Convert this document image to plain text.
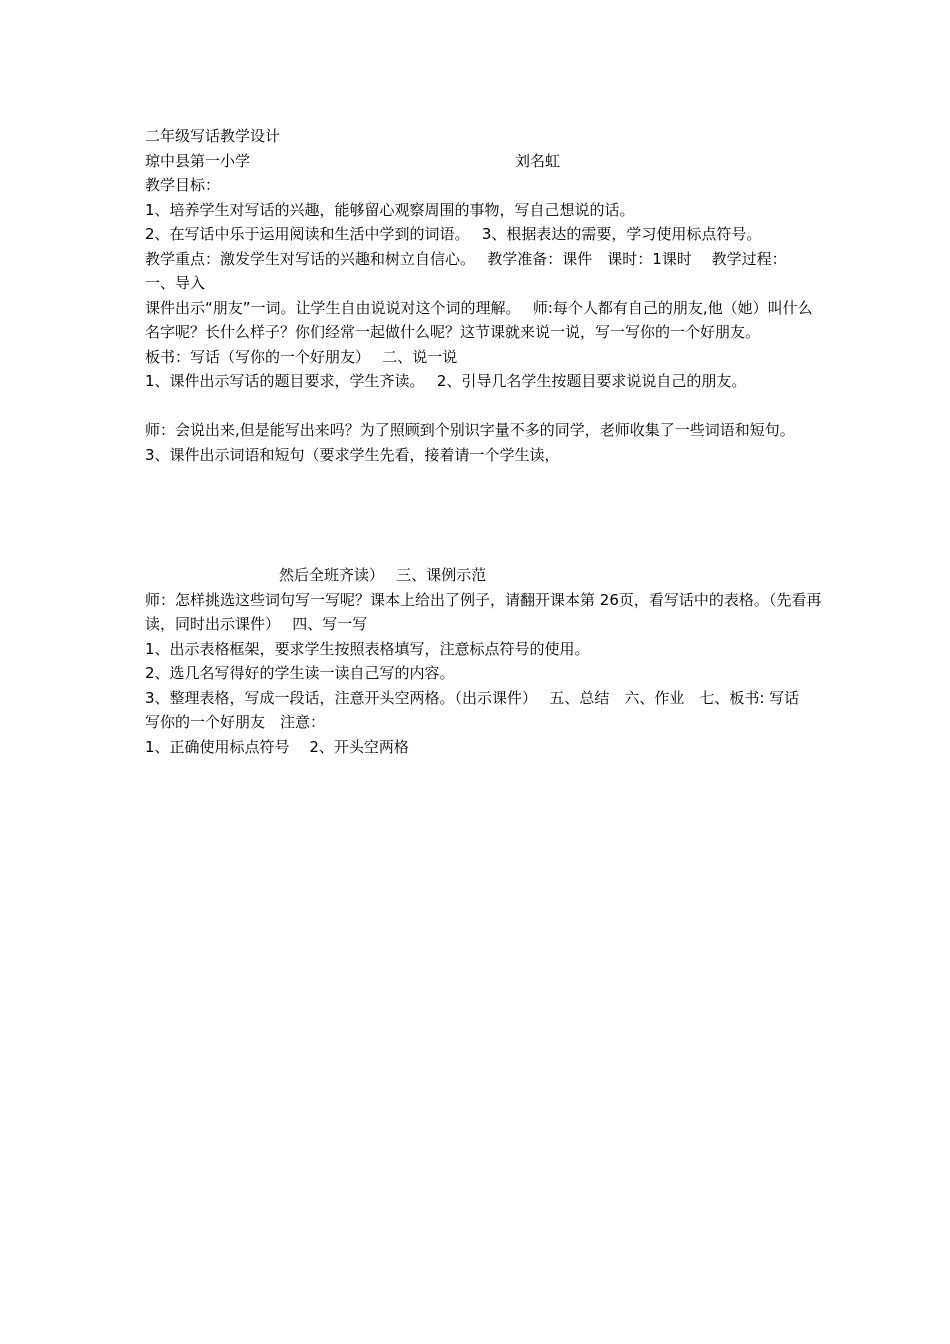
二年级写话教学设计

琼中县第一小学	刘名虹

教学目标：

1、培养学生对写话的兴趣，能够留心观察周围的事物，写自己想说的话。

2、在写话中乐于运用阅读和生活中学到的词语。　 3、根据表达的需要，学习使用标点符号。

教学重点：激发学生对写话的兴趣和树立自信心。　 教学准备：课件　课时：1课时　 教学过程：

一、导入

课件出示“朋友”一词。让学生自由说说对这个词的理解。　 师:每个人都有自己的朋友,他（她）叫什么名字呢？长什么样子？你们经常一起做什么呢？这节课就来说一说，写一写你的一个好朋友。

板书：写话（写你的一个好朋友）　 二、说一说

1、课件出示写话的题目要求，学生齐读。　 2、引导几名学生按题目要求说说自己的朋友。

师：会说出来,但是能写出来吗？为了照顾到个别识字量不多的同学，老师收集了一些词语和短句。

3、课件出示词语和短句（要求学生先看，接着请一个学生读，

然后全班齐读）　 三、课例示范

师：怎样挑选这些词句写一写呢？课本上给出了例子，请翻开课本第 26页，看写话中的表格。（先看再读，同时出示课件）　 四、写一写

1、出示表格框架，要求学生按照表格填写，注意标点符号的使用。

2、选几名写得好的学生读一读自己写的内容。

3、整理表格，写成一段话，注意开头空两格。（出示课件）　 五、总结　六、作业　七、板书: 写话

写你的一个好朋友　注意：

1、正确使用标点符号　 2、开头空两格
